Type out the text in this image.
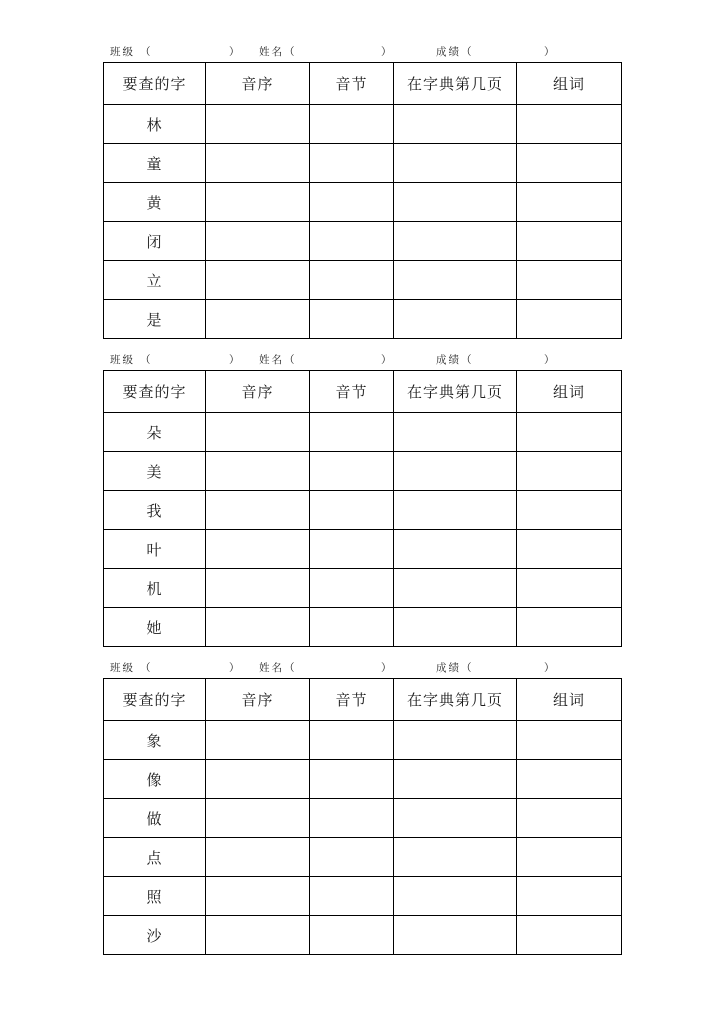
班级 （	） 姓名（	）	成绩（	）
要查的字	音序	音节	在字典第几页	组词
林				
童				
黄				
闭				
立				
是				
班级 （	） 姓名（	）	成绩（	）
要查的字	音序	音节	在字典第几页	组词
朵				
美				
我				
叶				
机				
她				
班级 （	） 姓名（	）	成绩（	）
要查的字	音序	音节	在字典第几页	组词
象				
像				
做				
点				
照				
沙				
